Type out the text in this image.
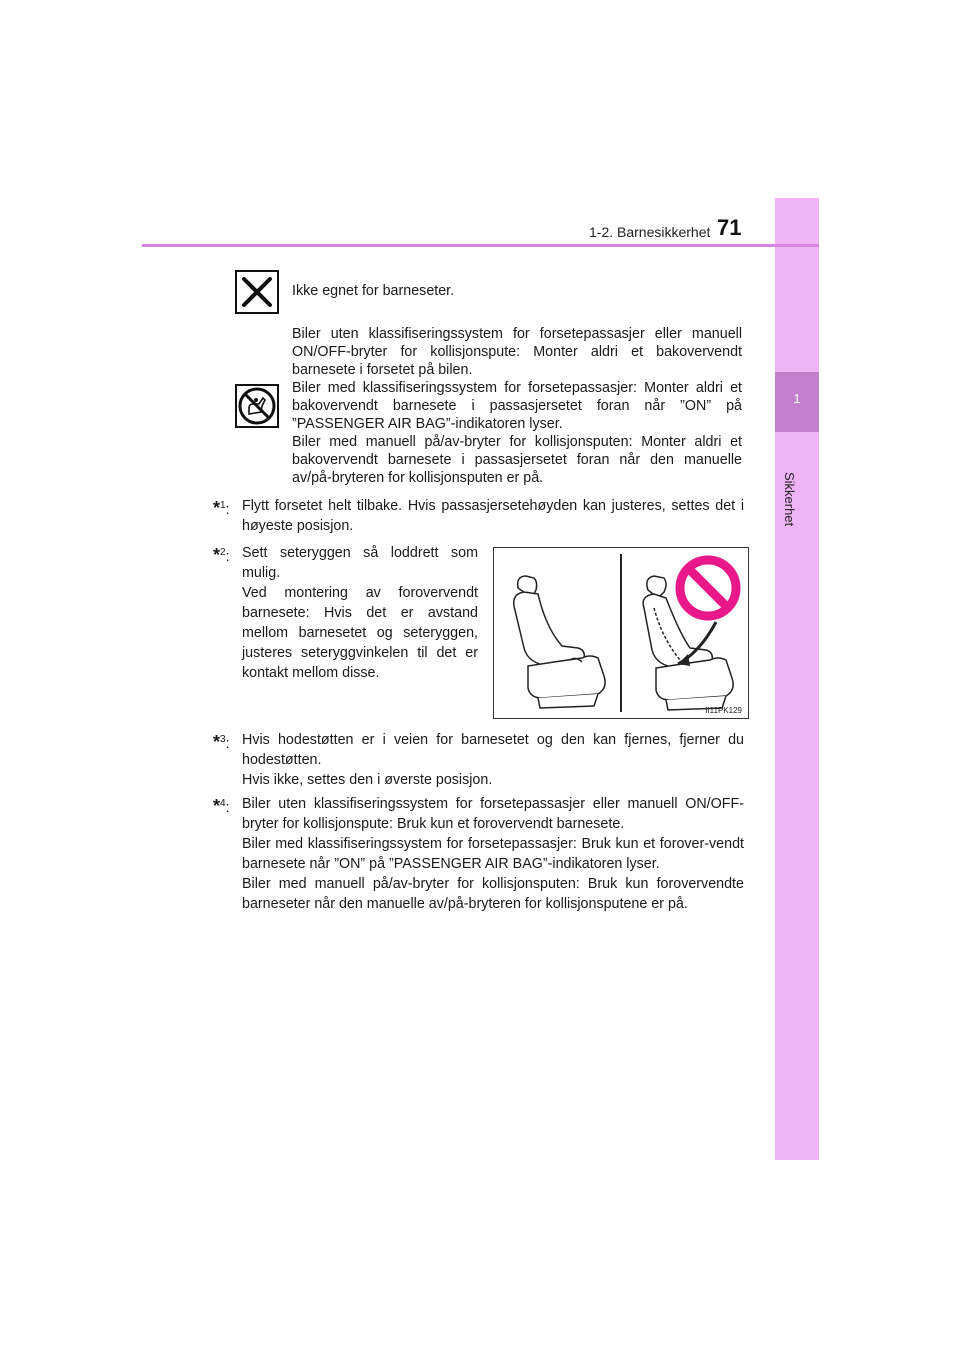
1
Sikkerhet
1-2. Barnesikkerhet 71
Ikke egnet for barneseter.

Biler uten klassifiseringssystem for forsetepassasjer eller manuell ON/OFF-bryter for kollisjonspute: Monter aldri et bakovervendt barnesete i forsetet på bilen.

Biler med klassifiseringssystem for forsetepassasjer: Monter aldri et bakovervendt barnesete i passasjersetet foran når ”ON” på ”PASSENGER AIR BAG”-indikatoren lyser.

Biler med manuell på/av-bryter for kollisjonsputen: Monter aldri et bakovervendt barnesete i passasjersetet foran når den manuelle av/på-bryteren for kollisjonsputen er på.

*$^1$: Flytt forsetet helt tilbake. Hvis passasjersetehøyden kan justeres, settes det i høyeste posisjon.

*$^2$: Sett seteryggen så loddrett som mulig.

Ved montering av forovervendt barnesete: Hvis det er avstand mellom barnesetet og seteryggen, justeres seteryggvinkelen til det er kontakt mellom disse.

II11PK129
*$^3$: Hvis hodestøtten er i veien for barnesetet og den kan fjernes, fjerner du hodestøtten.

Hvis ikke, settes den i øverste posisjon.

*$^4$: Biler uten klassifiseringssystem for forsetepassasjer eller manuell ON/OFF-bryter for kollisjonspute: Bruk kun et forovervendt barnesete.

Biler med klassifiseringssystem for forsetepassasjer: Bruk kun et forover-vendt barnesete når ”ON” på ”PASSENGER AIR BAG”-indikatoren lyser.

Biler med manuell på/av-bryter for kollisjonsputen: Bruk kun forovervendte barneseter når den manuelle av/på-bryteren for kollisjonsputene er på.
